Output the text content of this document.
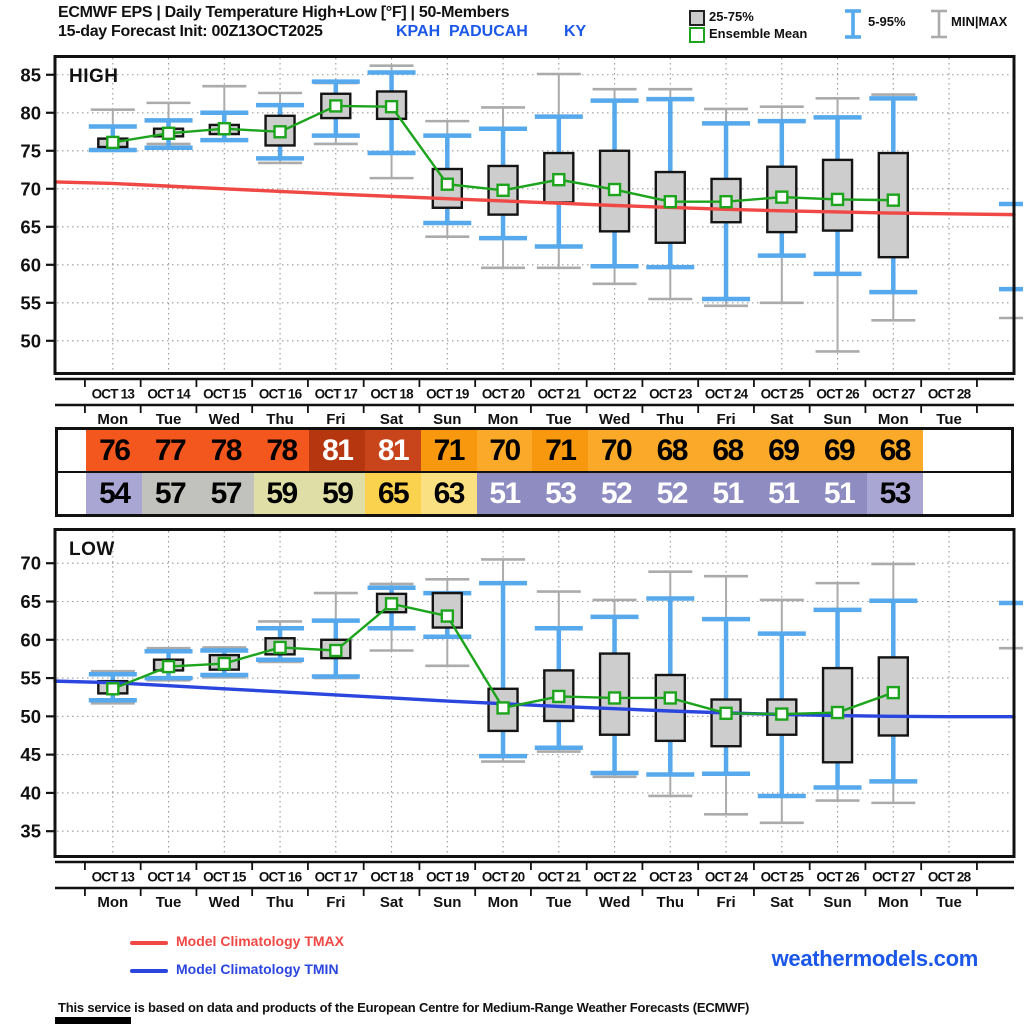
ECMWF EPS | Daily Temperature High+Low [°F] | 50-Members
15-day Forecast Init: 00Z13OCT2025	KPAH  PADUCAH KY
25-75%
Ensemble Mean
5-95%	MIN|MAX
85
80
75
70
65
60
55
50
HIGH
OCT 13
Mon
OCT 14
Tue
OCT 15
Wed
OCT 16
Thu
OCT 17
Fri
OCT 18
Sat
OCT 19
Sun
OCT 20
Mon
OCT 21
Tue
OCT 22
Wed
OCT 23
Thu
OCT 24
Fri
OCT 25
Sat
OCT 26
Sun
OCT 27
Mon
OCT 28
Tue
76 77 78 78 81 81 71 70 71 70 68 68 69 69 68
54 57 57 59 59 65 63 51 53 52 52 51 51 51 53
70
65
60
55
50
45
40
35
LOW
OCT 13
Mon
OCT 14
Tue
OCT 15
Wed
OCT 16
Thu
OCT 17
Fri
OCT 18
Sat
OCT 19
Sun
OCT 20
Mon
OCT 21
Tue
OCT 22
Wed
OCT 23
Thu
OCT 24
Fri
OCT 25
Sat
OCT 26
Sun
OCT 27
Mon
OCT 28
Tue
Model Climatology TMAX
Model Climatology TMIN	weathermodels.com
This service is based on data and products of the European Centre for Medium-Range Weather Forecasts (ECMWF)
